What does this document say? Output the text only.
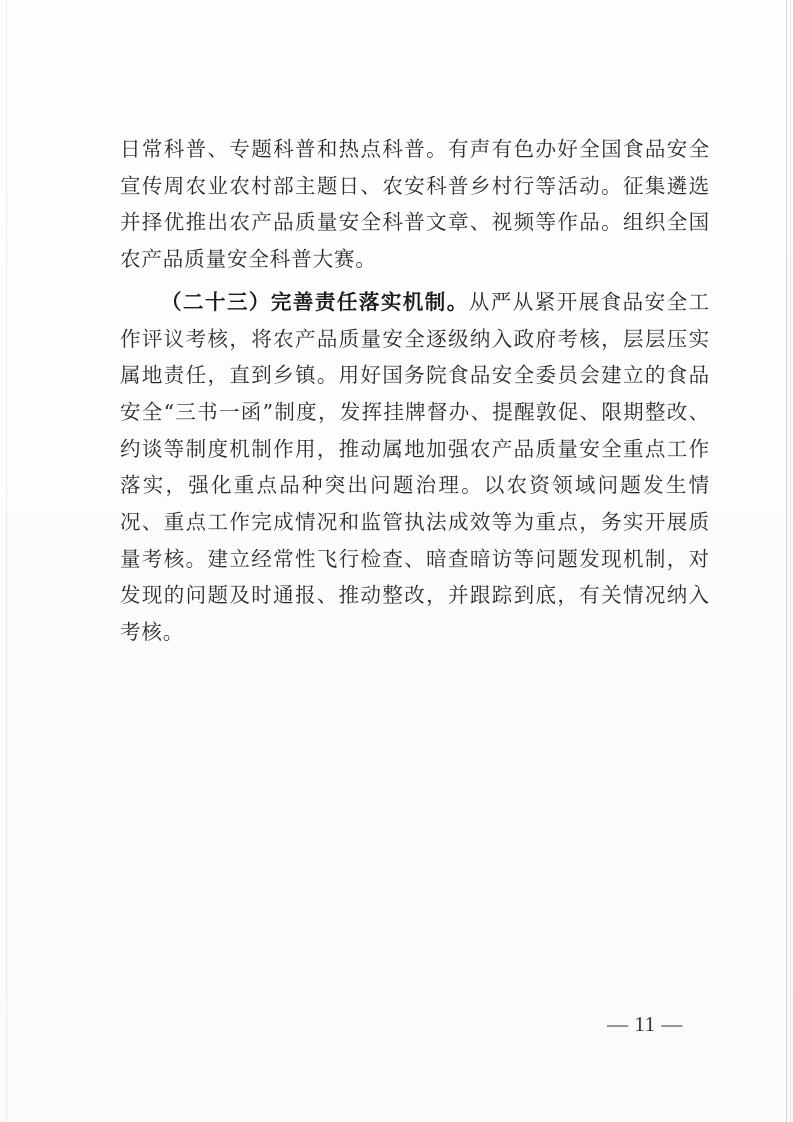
日常科普、专题科普和热点科普。有声有色办好全国食品安全宣传周农业农村部主题日、农安科普乡村行等活动。征集遴选并择优推出农产品质量安全科普文章、视频等作品。组织全国农产品质量安全科普大赛。

（二十三）完善责任落实机制。从严从紧开展食品安全工作评议考核，将农产品质量安全逐级纳入政府考核，层层压实属地责任，直到乡镇。用好国务院食品安全委员会建立的食品安全“三书一函”制度，发挥挂牌督办、提醒敦促、限期整改、约谈等制度机制作用，推动属地加强农产品质量安全重点工作落实，强化重点品种突出问题治理。以农资领域问题发生情况、重点工作完成情况和监管执法成效等为重点，务实开展质量考核。建立经常性飞行检查、暗查暗访等问题发现机制，对发现的问题及时通报、推动整改，并跟踪到底，有关情况纳入考核。

— 11 —
